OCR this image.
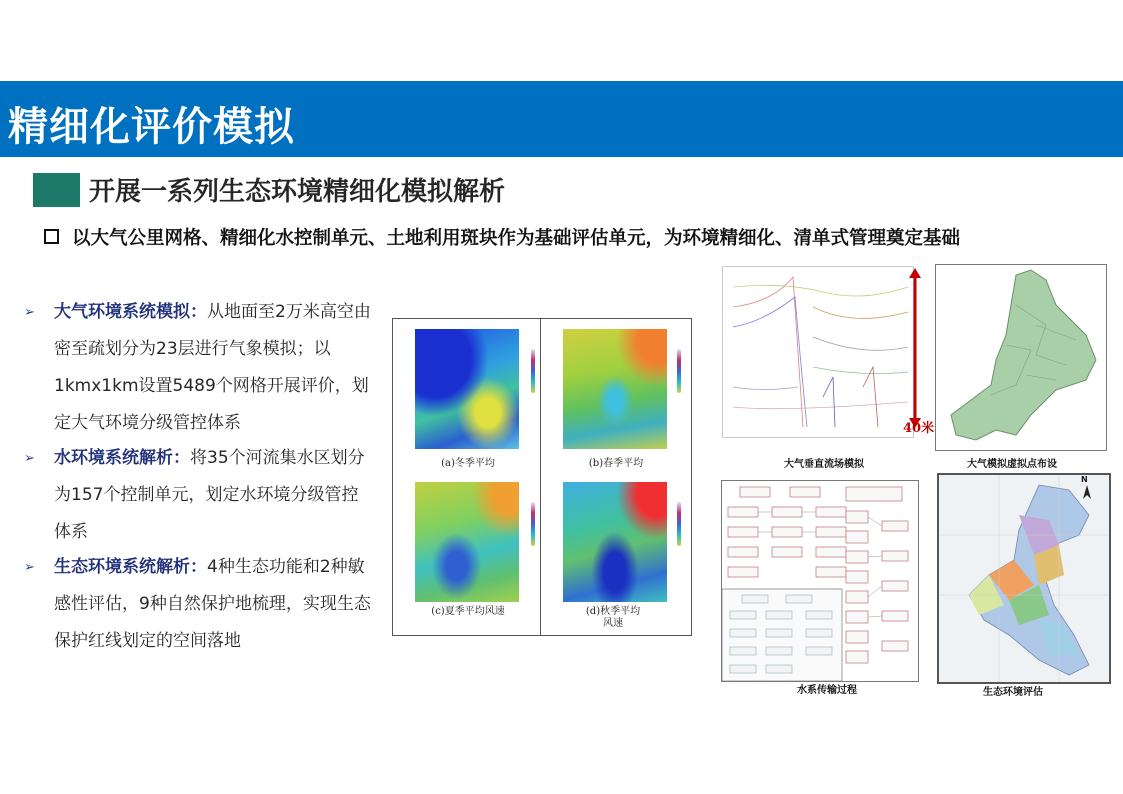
精细化评价模拟
开展一系列生态环境精细化模拟解析
以大气公里网格、精细化水控制单元、土地利用斑块作为基础评估单元，为环境精细化、清单式管理奠定基础
➢ 大气环境系统模拟：从地面至2万米高空由密至疏划分为23层进行气象模拟；以1kmx1km设置5489个网格开展评价，划定大气环境分级管控体系
➢ 水环境系统解析：将35个河流集水区划分为157个控制单元，划定水环境分级管控体系
➢ 生态环境系统解析：4种生态功能和2种敏感性评估，9种自然保护地梳理，实现生态保护红线划定的空间落地
(a)冬季平均	(b)春季平均
(c)夏季平均风速	(d)秋季平均风速
40米
大气垂直流场模拟	大气模拟虚拟点布设
水系传输过程
N
生态环境评估
